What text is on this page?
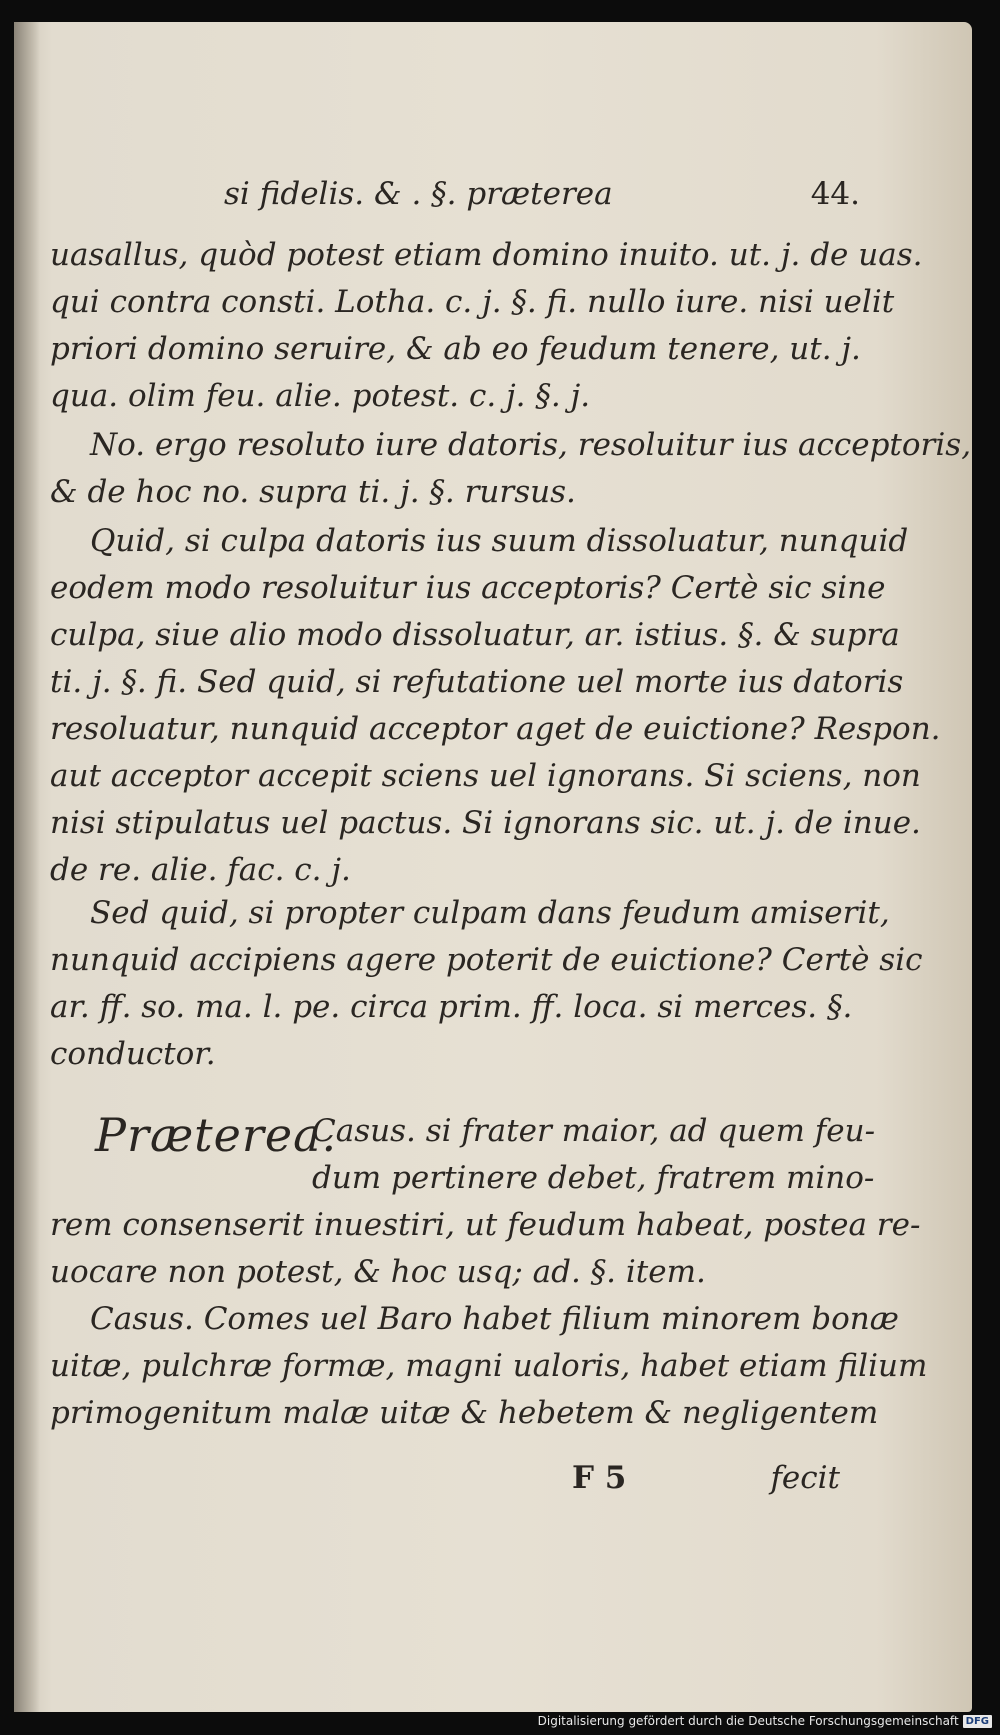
si fidelis. & . §. præterea	44.
uasallus, quòd potest etiam domino inuito. ut. j. de uas.
qui contra consti. Lotha. c. j. §. fi. nullo iure. nisi uelit
priori domino seruire, & ab eo feudum tenere, ut. j.
qua. olim feu. alie. potest. c. j. §. j.
No. ergo resoluto iure datoris, resoluitur ius acceptoris,
& de hoc no. supra ti. j. §. rursus.
Quid, si culpa datoris ius suum dissoluatur, nunquid
eodem modo resoluitur ius acceptoris? Certè sic sine
culpa, siue alio modo dissoluatur, ar. istius. §. & supra
ti. j. §. fi. Sed quid, si refutatione uel morte ius datoris
resoluatur, nunquid acceptor aget de euictione? Respon.
aut acceptor accepit sciens uel ignorans. Si sciens, non
nisi stipulatus uel pactus. Si ignorans sic. ut. j. de inue.
de re. alie. fac. c. j.
Sed quid, si propter culpam dans feudum amiserit,
nunquid accipiens agere poterit de euictione? Certè sic
ar. ff. so. ma. l. pe. circa prim. ff. loca. si merces. §.
conductor.
Præterea.
Casus. si frater maior, ad quem feu-
dum pertinere debet, fratrem mino-
rem consenserit inuestiri, ut feudum habeat, postea re-
uocare non potest, & hoc usq; ad. §. item.
Casus. Comes uel Baro habet filium minorem bonæ
uitæ, pulchræ formæ, magni ualoris, habet etiam filium
primogenitum malæ uitæ & hebetem & negligentem
F 5	fecit
Digitalisierung gefördert durch die Deutsche Forschungsgemeinschaft DFG
